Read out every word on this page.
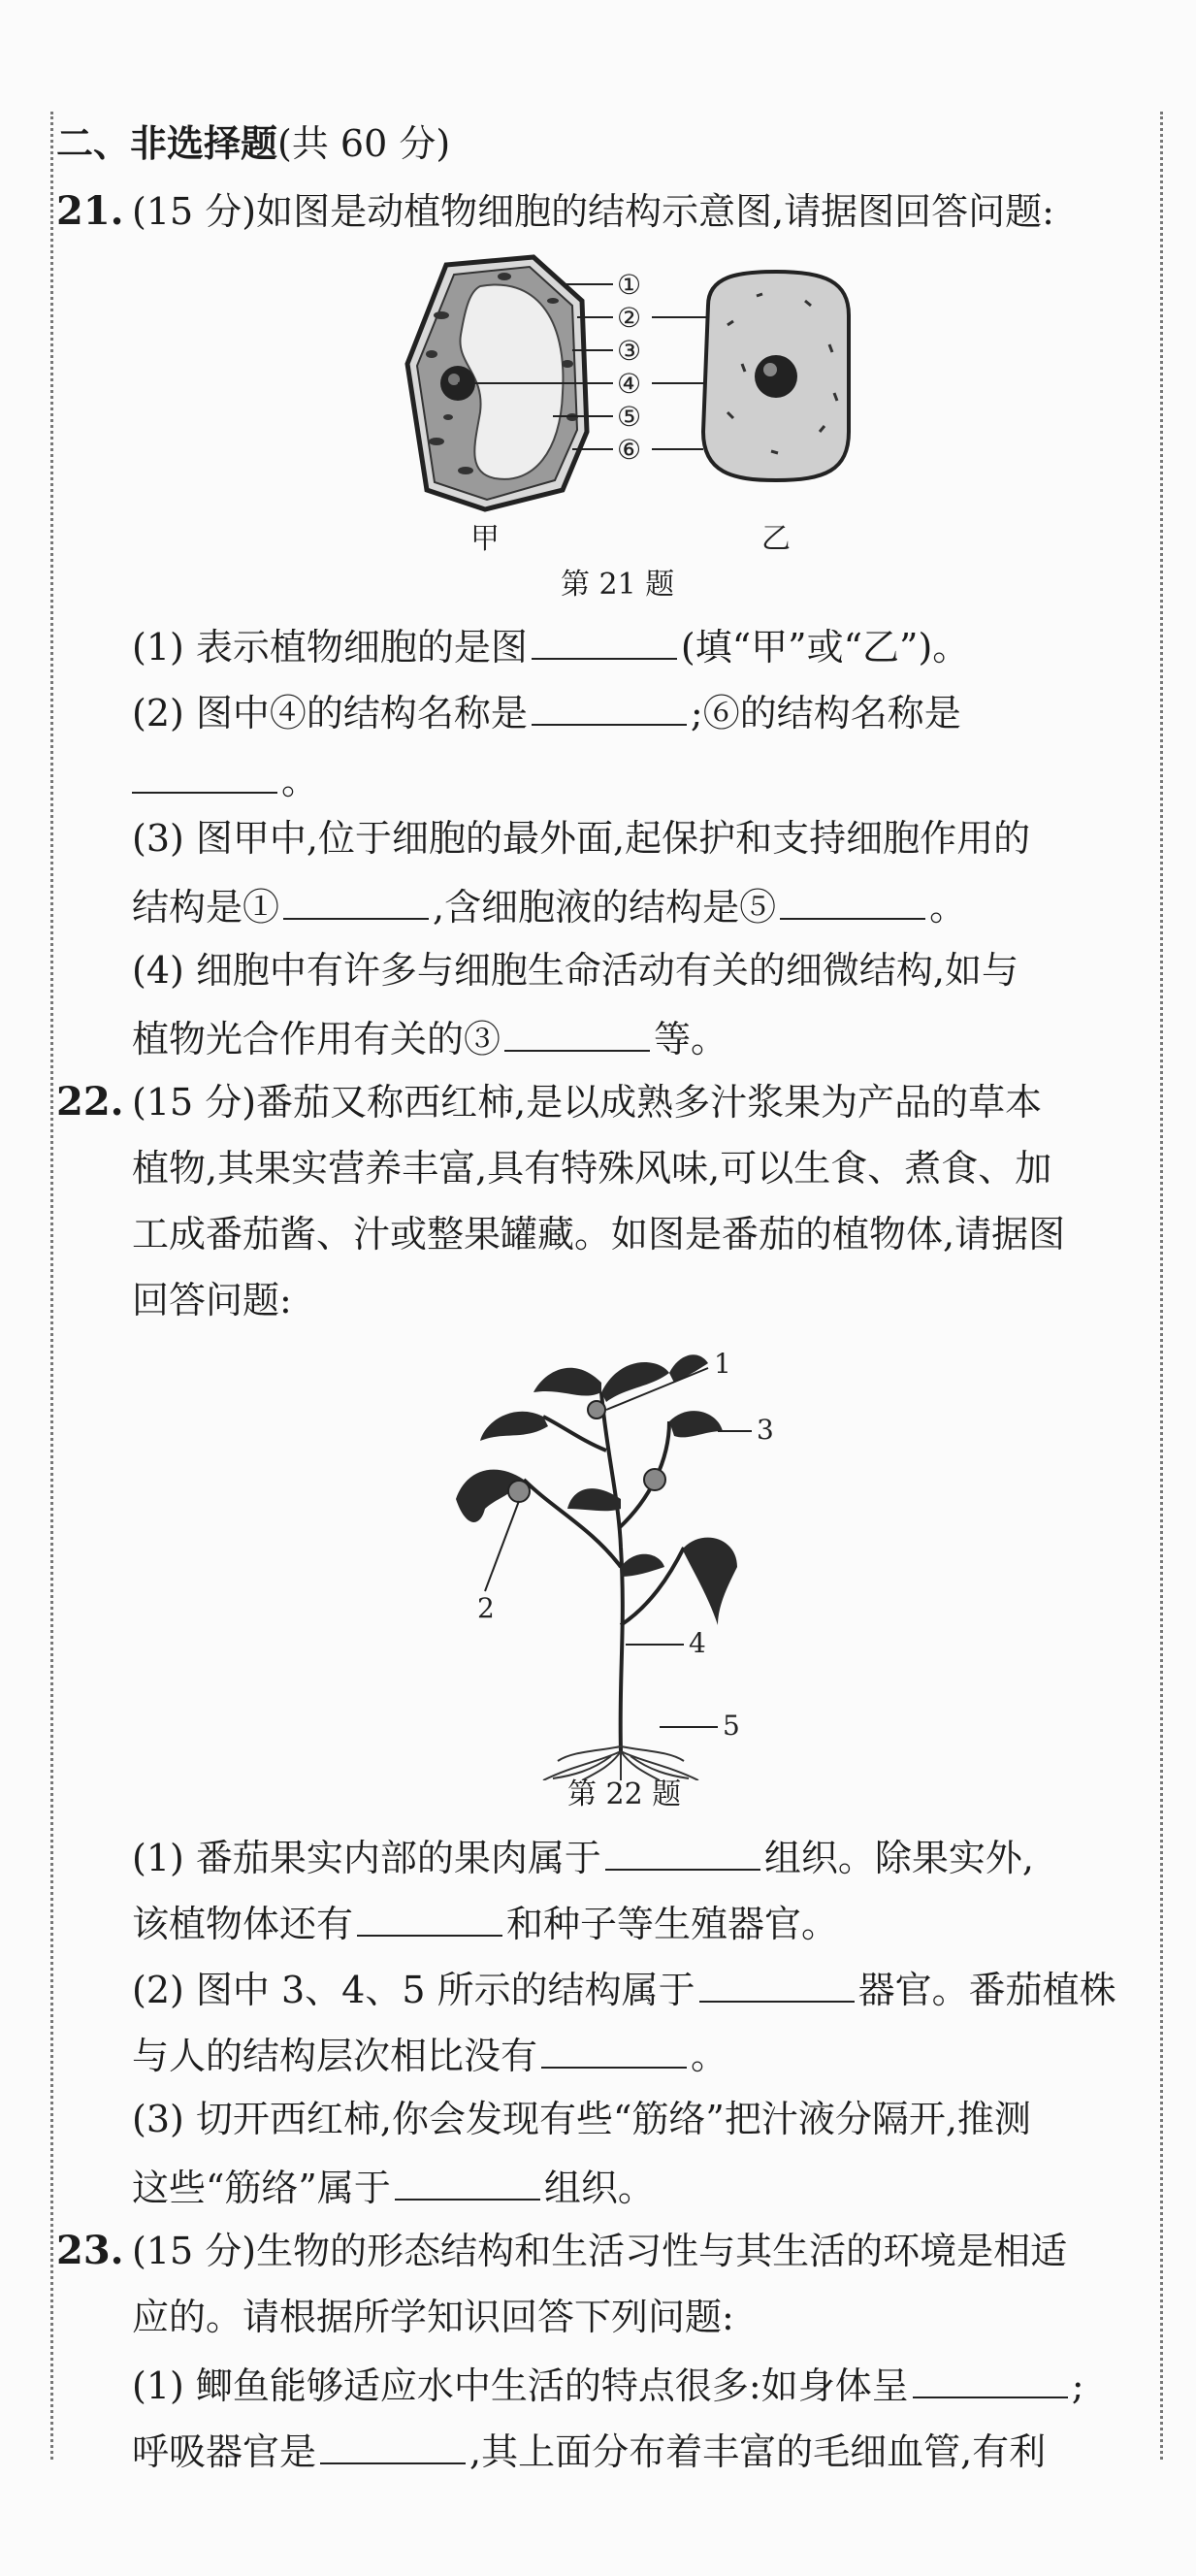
二、非选择题(共 60 分)
21. (15 分)如图是动植物细胞的结构示意图,请据图回答问题:
①
②
③
④
⑤
⑥
甲	乙
第 21 题
(1) 表示植物细胞的是图	(填“甲”或“乙”)。
(2) 图中④的结构名称是	;⑥的结构名称是
。
(3) 图甲中,位于细胞的最外面,起保护和支持细胞作用的
结构是①	,含细胞液的结构是⑤	。
(4) 细胞中有许多与细胞生命活动有关的细微结构,如与
植物光合作用有关的③	等。
22. (15 分)番茄又称西红柿,是以成熟多汁浆果为产品的草本
植物,其果实营养丰富,具有特殊风味,可以生食、煮食、加
工成番茄酱、汁或整果罐藏。如图是番茄的植物体,请据图
回答问题:
1
2
3
4
5
第 22 题
(1) 番茄果实内部的果肉属于	组织。除果实外,
该植物体还有	和种子等生殖器官。
(2) 图中 3、4、5 所示的结构属于	器官。番茄植株
与人的结构层次相比没有	。
(3) 切开西红柿,你会发现有些“筋络”把汁液分隔开,推测
这些“筋络”属于	组织。
23. (15 分)生物的形态结构和生活习性与其生活的环境是相适
应的。请根据所学知识回答下列问题:
(1) 鲫鱼能够适应水中生活的特点很多:如身体呈	;
呼吸器官是	,其上面分布着丰富的毛细血管,有利
